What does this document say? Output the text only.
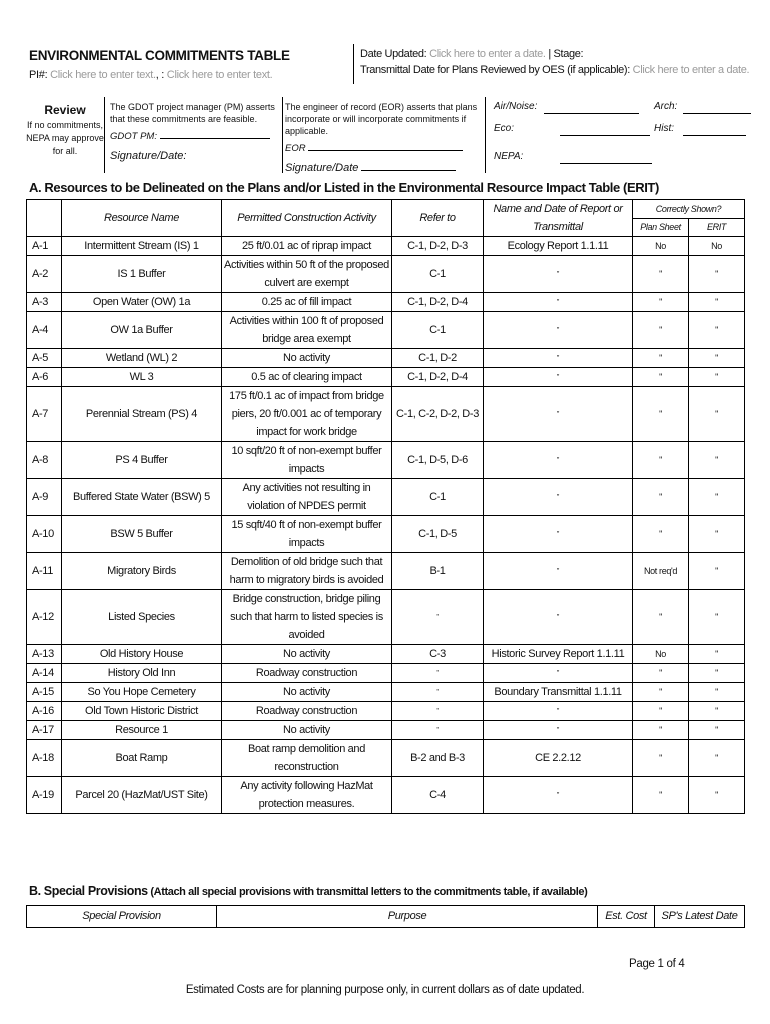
ENVIRONMENTAL COMMITMENTS TABLE
PI#: Click here to enter text., : Click here to enter text.
Date Updated: Click here to enter a date. | Stage:
Transmittal Date for Plans Reviewed by OES (if applicable): Click here to enter a date.
Review
If no commitments, NEPA may approve for all.
The GDOT project manager (PM) asserts that these commitments are feasible.
GDOT PM:
Signature/Date:
The engineer of record (EOR) asserts that plans incorporate or will incorporate commitments if applicable.
EOR
Signature/Date
Air/Noise:	Arch:
Eco:	Hist:
NEPA:
A. Resources to be Delineated on the Plans and/or Listed in the Environmental Resource Impact Table (ERIT)
	Resource Name	Permitted Construction Activity	Refer to	Name and Date of Report or Transmittal	Correctly Shown?	
					Plan Sheet	ERIT
A-1	Intermittent Stream (IS) 1	25 ft/0.01 ac of riprap impact	C-1, D-2, D-3	Ecology Report 1.1.11	No	No
A-2	IS 1 Buffer	Activities within 50 ft of the proposed culvert are exempt	C-1	"	"	"
A-3	Open Water (OW) 1a	0.25 ac of fill impact	C-1, D-2, D-4	"	"	"
A-4	OW 1a Buffer	Activities within 100 ft of proposed bridge area exempt	C-1	"	"	"
A-5	Wetland (WL) 2	No activity	C-1, D-2	"	"	"
A-6	WL 3	0.5 ac of clearing impact	C-1, D-2, D-4	"	"	"
A-7	Perennial Stream (PS) 4	175 ft/0.1 ac of impact from bridge piers, 20 ft/0.001 ac of temporary impact for work bridge	C-1, C-2, D-2, D-3	"	"	"
A-8	PS 4 Buffer	10 sqft/20 ft of non-exempt buffer impacts	C-1, D-5, D-6	"	"	"
A-9	Buffered State Water (BSW) 5	Any activities not resulting in violation of NPDES permit	C-1	"	"	"
A-10	BSW 5 Buffer	15 sqft/40 ft of non-exempt buffer impacts	C-1, D-5	"	"	"
A-11	Migratory Birds	Demolition of old bridge such that harm to migratory birds is avoided	B-1	"	Not req'd	"
A-12	Listed Species	Bridge construction, bridge piling such that harm to listed species is avoided	"	"	"	"
A-13	Old History House	No activity	C-3	Historic Survey Report 1.1.11	No	"
A-14	History Old Inn	Roadway construction	"	"	"	"
A-15	So You Hope Cemetery	No activity	"	Boundary Transmittal 1.1.11	"	"
A-16	Old Town Historic District	Roadway construction	"	"	"	"
A-17	Resource 1	No activity	"	"	"	"
A-18	Boat Ramp	Boat ramp demolition and reconstruction	B-2 and B-3	CE 2.2.12	"	"
A-19	Parcel 20 (HazMat/UST Site)	Any activity following HazMat protection measures.	C-4	"	"	"
B. Special Provisions (Attach all special provisions with transmittal letters to the commitments table, if available)
Special Provision	Purpose	Est. Cost	SP's Latest Date
Page 1 of 4
Estimated Costs are for planning purpose only, in current dollars as of date updated.
